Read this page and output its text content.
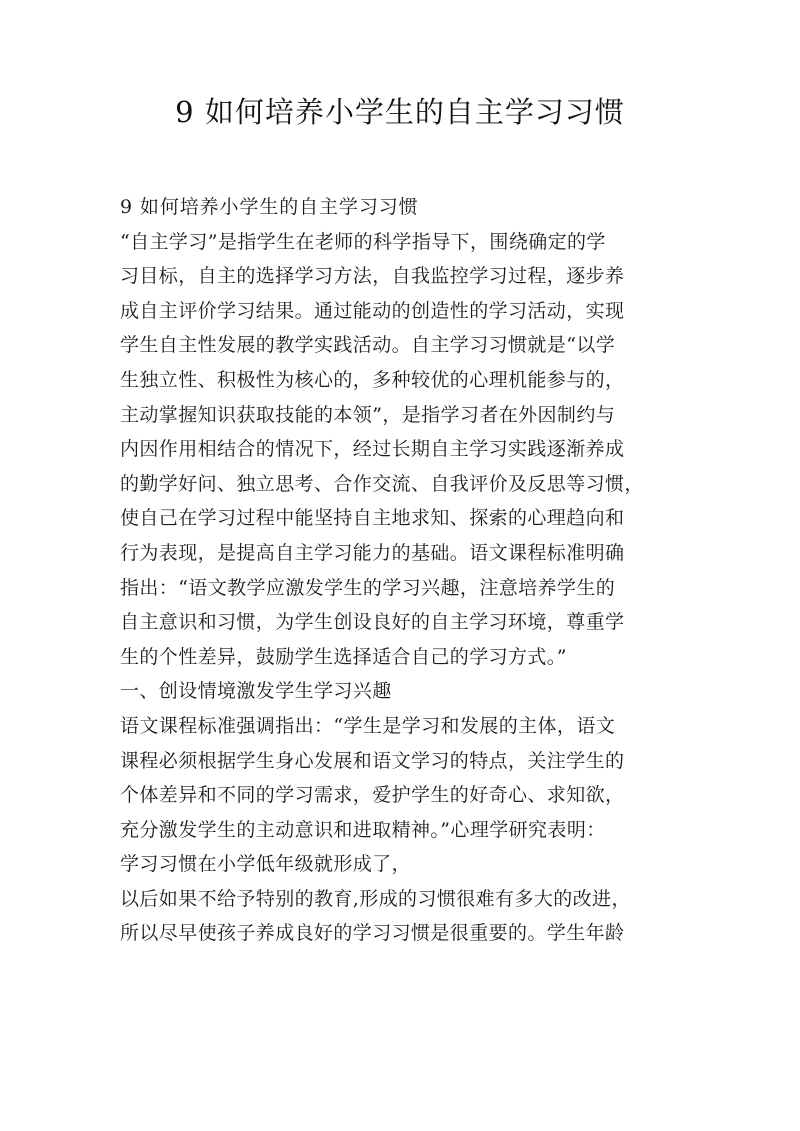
9 如何培养小学生的自主学习习惯
9 如何培养小学生的自主学习习惯
“自主学习”是指学生在老师的科学指导下，围绕确定的学
习目标，自主的选择学习方法，自我监控学习过程，逐步养
成自主评价学习结果。通过能动的创造性的学习活动，实现
学生自主性发展的教学实践活动。自主学习习惯就是“以学
生独立性、积极性为核心的，多种较优的心理机能参与的，
主动掌握知识获取技能的本领”，是指学习者在外因制约与
内因作用相结合的情况下，经过长期自主学习实践逐渐养成
的勤学好问、独立思考、合作交流、自我评价及反思等习惯，
使自己在学习过程中能坚持自主地求知、探索的心理趋向和
行为表现，是提高自主学习能力的基础。语文课程标准明确
指出：“语文教学应激发学生的学习兴趣，注意培养学生的
自主意识和习惯，为学生创设良好的自主学习环境，尊重学
生的个性差异，鼓励学生选择适合自己的学习方式。”
一、创设情境激发学生学习兴趣
语文课程标准强调指出：“学生是学习和发展的主体，语文
课程必须根据学生身心发展和语文学习的特点，关注学生的
个体差异和不同的学习需求，爱护学生的好奇心、求知欲，
充分激发学生的主动意识和进取精神。”心理学研究表明：
学习习惯在小学低年级就形成了，
以后如果不给予特别的教育,形成的习惯很难有多大的改进，
所以尽早使孩子养成良好的学习习惯是很重要的。学生年龄
